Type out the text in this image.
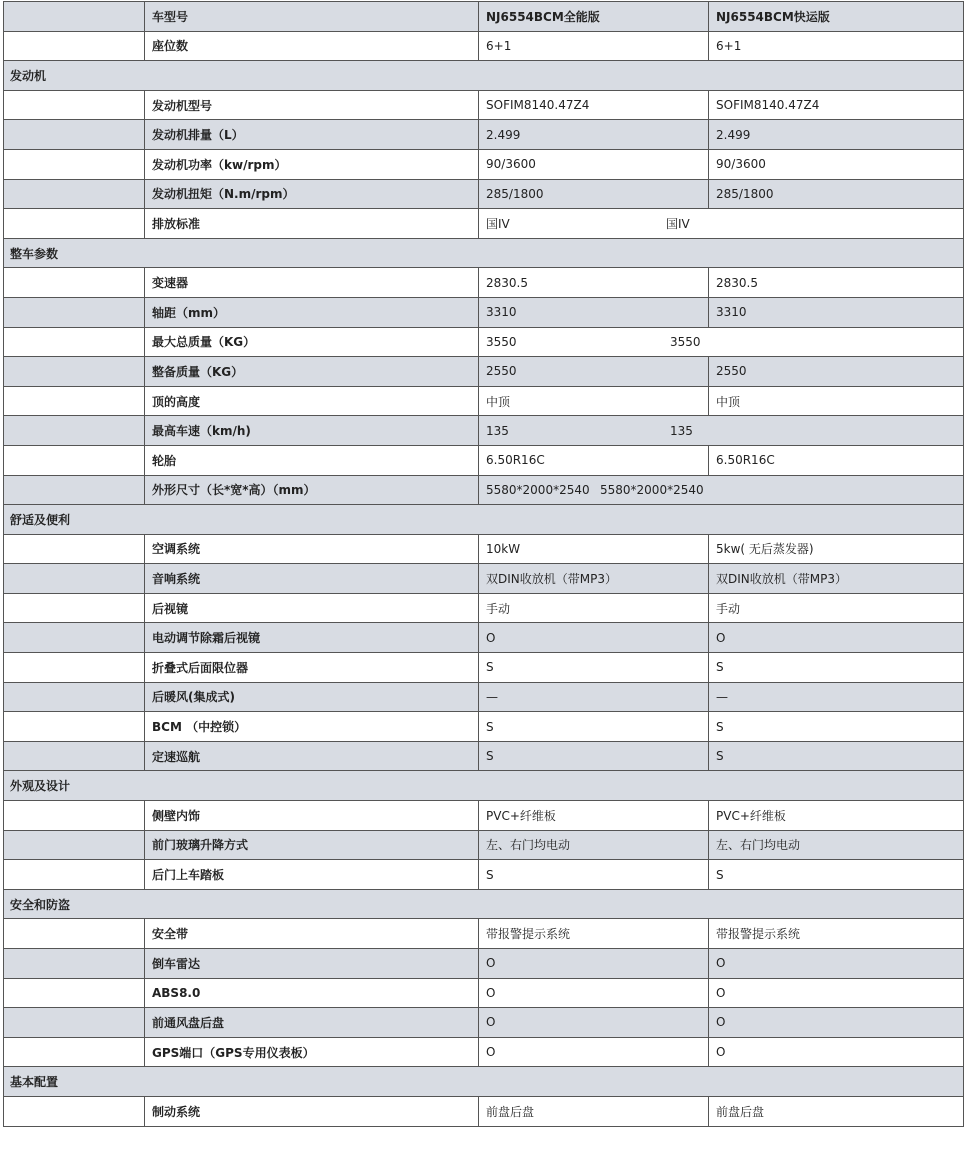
	车型号	NJ6554BCM全能版	NJ6554BCM快运版
	座位数	6+1	6+1
发动机			
	发动机型号	SOFIM8140.47Z4	SOFIM8140.47Z4
	发动机排量（L）	2.499	2.499
	发动机功率（kw/rpm）	90/3600	90/3600
	发动机扭矩（N.m/rpm）	285/1800	285/1800
	排放标准	国IV 国IV	
整车参数			
	变速器	2830.5	2830.5
	轴距（mm）	3310	3310
	最大总质量（KG）	3550 3550	
	整备质量（KG）	2550	2550
	顶的高度	中顶	中顶
	最高车速（km/h)	135 135	
	轮胎	6.50R16C	6.50R16C
	外形尺寸（长*宽*高）（mm）	5580*2000*2540 5580*2000*2540	
舒适及便利			
	空调系统	10kW	5kw( 无后蒸发器)
	音响系统	双DIN收放机（带MP3）	双DIN收放机（带MP3）
	后视镜	手动	手动
	电动调节除霜后视镜	O	O
	折叠式后面限位器	S	S
	后暖风(集成式)	—	—
	BCM （中控锁）	S	S
	定速巡航	S	S
外观及设计			
	侧壁内饰	PVC+纤维板	PVC+纤维板
	前门玻璃升降方式	左、右门均电动	左、右门均电动
	后门上车踏板	S	S
安全和防盗			
	安全带	带报警提示系统	带报警提示系统
	倒车雷达	O	O
	ABS8.0	O	O
	前通风盘后盘	O	O
	GPS端口（GPS专用仪表板）	O	O
基本配置			
	制动系统	前盘后盘	前盘后盘
